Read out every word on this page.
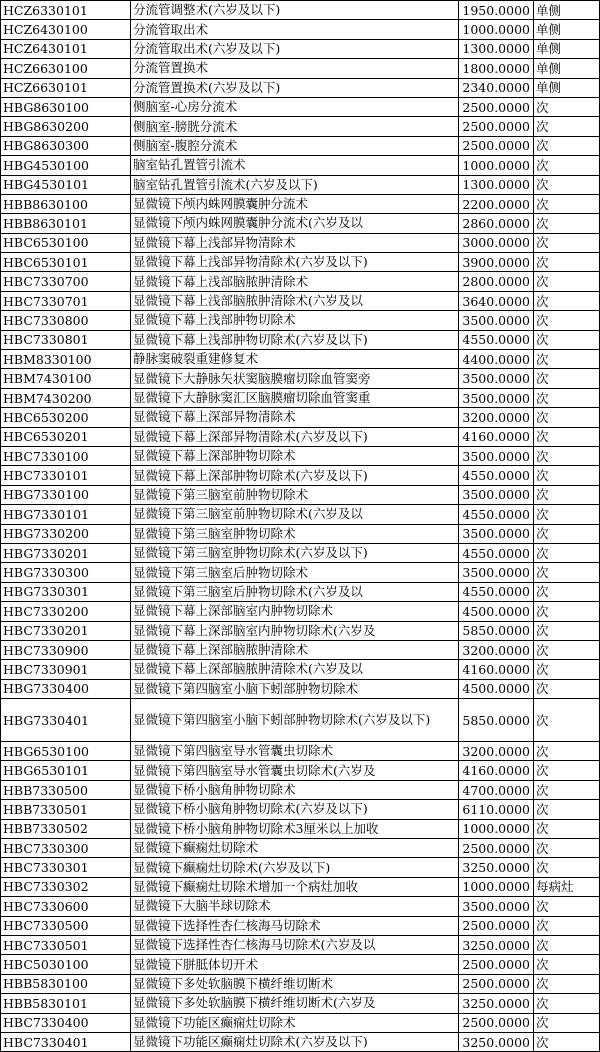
HCZ6330101	分流管调整术(六岁及以下)	1950.0000	单侧
HCZ6430100	分流管取出术	1000.0000	单侧
HCZ6430101	分流管取出术(六岁及以下)	1300.0000	单侧
HCZ6630100	分流管置换术	1800.0000	单侧
HCZ6630101	分流管置换术(六岁及以下)	2340.0000	单侧
HBG8630100	侧脑室-心房分流术	2500.0000	次
HBG8630200	侧脑室-膀胱分流术	2500.0000	次
HBG8630300	侧脑室-腹腔分流术	2500.0000	次
HBG4530100	脑室钻孔置管引流术	1000.0000	次
HBG4530101	脑室钻孔置管引流术(六岁及以下)	1300.0000	次
HBB8630100	显微镜下颅内蛛网膜囊肿分流术	2200.0000	次
HBB8630101	显微镜下颅内蛛网膜囊肿分流术(六岁及以	2860.0000	次
HBC6530100	显微镜下幕上浅部异物清除术	3000.0000	次
HBC6530101	显微镜下幕上浅部异物清除术(六岁及以下)	3900.0000	次
HBC7330700	显微镜下幕上浅部脑脓肿清除术	2800.0000	次
HBC7330701	显微镜下幕上浅部脑脓肿清除术(六岁及以	3640.0000	次
HBC7330800	显微镜下幕上浅部肿物切除术	3500.0000	次
HBC7330801	显微镜下幕上浅部肿物切除术(六岁及以下)	4550.0000	次
HBM8330100	静脉窦破裂重建修复术	4400.0000	次
HBM7430100	显微镜下大静脉矢状窦脑膜瘤切除血管窦旁	3500.0000	次
HBM7430200	显微镜下大静脉窦汇区脑膜瘤切除血管窦重	3500.0000	次
HBC6530200	显微镜下幕上深部异物清除术	3200.0000	次
HBC6530201	显微镜下幕上深部异物清除术(六岁及以下)	4160.0000	次
HBC7330100	显微镜下幕上深部肿物切除术	3500.0000	次
HBC7330101	显微镜下幕上深部肿物切除术(六岁及以下)	4550.0000	次
HBG7330100	显微镜下第三脑室前肿物切除术	3500.0000	次
HBG7330101	显微镜下第三脑室前肿物切除术(六岁及以	4550.0000	次
HBG7330200	显微镜下第三脑室肿物切除术	3500.0000	次
HBG7330201	显微镜下第三脑室肿物切除术(六岁及以下)	4550.0000	次
HBG7330300	显微镜下第三脑室后肿物切除术	3500.0000	次
HBG7330301	显微镜下第三脑室后肿物切除术(六岁及以	4550.0000	次
HBC7330200	显微镜下幕上深部脑室内肿物切除术	4500.0000	次
HBC7330201	显微镜下幕上深部脑室内肿物切除术(六岁及	5850.0000	次
HBC7330900	显微镜下幕上深部脑脓肿清除术	3200.0000	次
HBC7330901	显微镜下幕上深部脑脓肿清除术(六岁及以	4160.0000	次
HBG7330400	显微镜下第四脑室小脑下蚓部肿物切除术	4500.0000	次
HBG7330401	显微镜下第四脑室小脑下蚓部肿物切除术(六岁及以下)	5850.0000	次
HBG6530100	显微镜下第四脑室导水管囊虫切除术	3200.0000	次
HBG6530101	显微镜下第四脑室导水管囊虫切除术(六岁及	4160.0000	次
HBB7330500	显微镜下桥小脑角肿物切除术	4700.0000	次
HBB7330501	显微镜下桥小脑角肿物切除术(六岁及以下)	6110.0000	次
HBB7330502	显微镜下桥小脑角肿物切除术3厘米以上加收	1000.0000	次
HBC7330300	显微镜下癫痫灶切除术	2500.0000	次
HBC7330301	显微镜下癫痫灶切除术(六岁及以下)	3250.0000	次
HBC7330302	显微镜下癫痫灶切除术增加一个病灶加收	1000.0000	每病灶
HBC7330600	显微镜下大脑半球切除术	3500.0000	次
HBC7330500	显微镜下选择性杏仁核海马切除术	2500.0000	次
HBC7330501	显微镜下选择性杏仁核海马切除术(六岁及以	3250.0000	次
HBC5030100	显微镜下胼胝体切开术	2500.0000	次
HBB5830100	显微镜下多处软脑膜下横纤维切断术	2500.0000	次
HBB5830101	显微镜下多处软脑膜下横纤维切断术(六岁及	3250.0000	次
HBC7330400	显微镜下功能区癫痫灶切除术	2500.0000	次
HBC7330401	显微镜下功能区癫痫灶切除术(六岁及以下)	3250.0000	次
